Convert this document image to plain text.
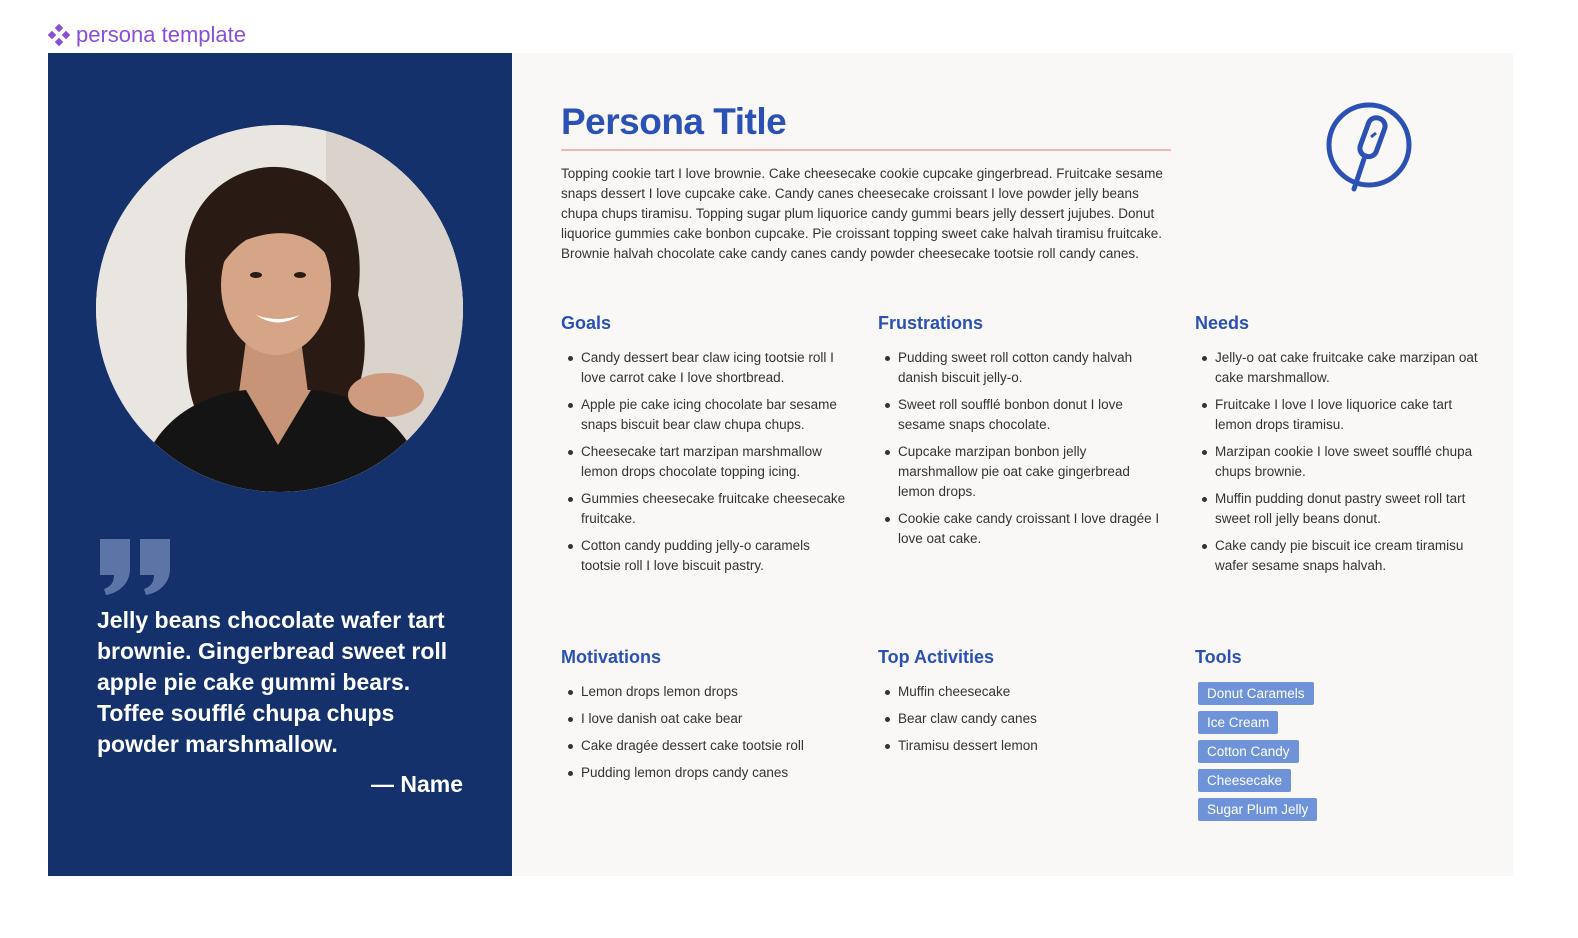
persona template

Jelly beans chocolate wafer tart brownie. Gingerbread sweet roll apple pie cake gummi bears. Toffee soufflé chupa chups powder marshmallow.

— Name
Persona Title

Topping cookie tart I love brownie. Cake cheesecake cookie cupcake gingerbread. Fruitcake sesame snaps dessert I love cupcake cake. Candy canes cheesecake croissant I love powder jelly beans chupa chups tiramisu. Topping sugar plum liquorice candy gummi bears jelly dessert jujubes. Donut liquorice gummies cake bonbon cupcake. Pie croissant topping sweet cake halvah tiramisu fruitcake. Brownie halvah chocolate cake candy canes candy powder cheesecake tootsie roll candy canes.

Goals
Candy dessert bear claw icing tootsie roll I love carrot cake I love shortbread.
Apple pie cake icing chocolate bar sesame snaps biscuit bear claw chupa chups.
Cheesecake tart marzipan marshmallow lemon drops chocolate topping icing.
Gummies cheesecake fruitcake cheesecake fruitcake.
Cotton candy pudding jelly-o caramels tootsie roll I love biscuit pastry.
Frustrations
Pudding sweet roll cotton candy halvah danish biscuit jelly-o.
Sweet roll soufflé bonbon donut I love sesame snaps chocolate.
Cupcake marzipan bonbon jelly marshmallow pie oat cake gingerbread lemon drops.
Cookie cake candy croissant I love dragée I love oat cake.
Needs
Jelly-o oat cake fruitcake cake marzipan oat cake marshmallow.
Fruitcake I love I love liquorice cake tart lemon drops tiramisu.
Marzipan cookie I love sweet soufflé chupa chups brownie.
Muffin pudding donut pastry sweet roll tart sweet roll jelly beans donut.
Cake candy pie biscuit ice cream tiramisu wafer sesame snaps halvah.
Motivations
Lemon drops lemon drops
I love danish oat cake bear
Cake dragée dessert cake tootsie roll
Pudding lemon drops candy canes
Top Activities
Muffin cheesecake
Bear claw candy canes
Tiramisu dessert lemon
Tools
Donut Caramels
Ice Cream
Cotton Candy
Cheesecake
Sugar Plum Jelly
